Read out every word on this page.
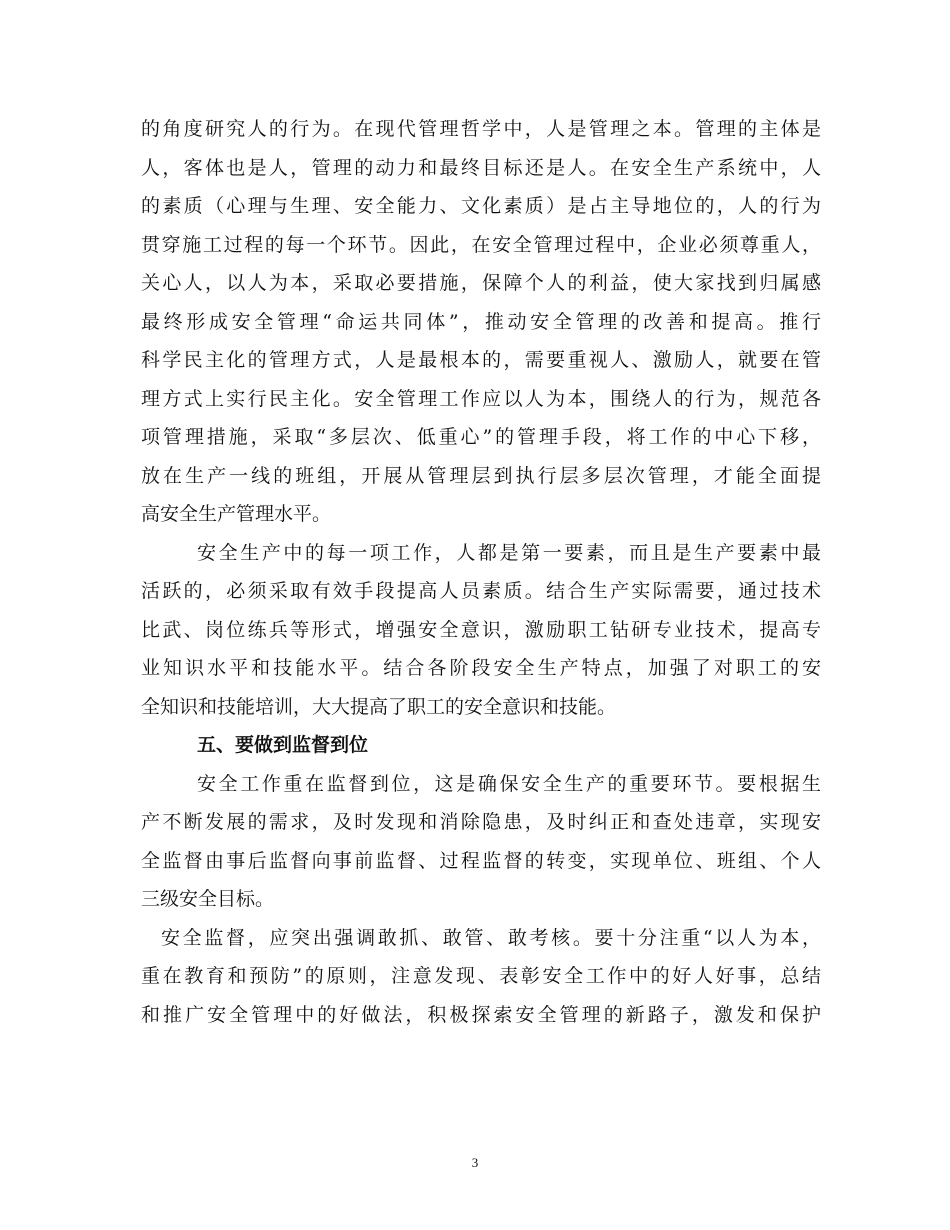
的角度研究人的行为。在现代管理哲学中，人是管理之本。管理的主体是
人，客体也是人，管理的动力和最终目标还是人。在安全生产系统中，人
的素质（心理与生理、安全能力、文化素质）是占主导地位的，人的行为
贯穿施工过程的每一个环节。因此，在安全管理过程中，企业必须尊重人，
关心人，以人为本，采取必要措施，保障个人的利益，使大家找到归属感
最终形成安全管理“命运共同体”，推动安全管理的改善和提高。推行
科学民主化的管理方式，人是最根本的，需要重视人、激励人，就要在管
理方式上实行民主化。安全管理工作应以人为本，围绕人的行为，规范各
项管理措施，采取“多层次、低重心”的管理手段，将工作的中心下移，
放在生产一线的班组，开展从管理层到执行层多层次管理，才能全面提
高安全生产管理水平。
安全生产中的每一项工作，人都是第一要素，而且是生产要素中最
活跃的，必须采取有效手段提高人员素质。结合生产实际需要，通过技术
比武、岗位练兵等形式，增强安全意识，激励职工钻研专业技术，提高专
业知识水平和技能水平。结合各阶段安全生产特点，加强了对职工的安
全知识和技能培训，大大提高了职工的安全意识和技能。
五、要做到监督到位
安全工作重在监督到位，这是确保安全生产的重要环节。要根据生
产不断发展的需求，及时发现和消除隐患，及时纠正和查处违章，实现安
全监督由事后监督向事前监督、过程监督的转变，实现单位、班组、个人
三级安全目标。
安全监督，应突出强调敢抓、敢管、敢考核。要十分注重“以人为本，
重在教育和预防”的原则，注意发现、表彰安全工作中的好人好事，总结
和推广安全管理中的好做法，积极探索安全管理的新路子，激发和保护
3
